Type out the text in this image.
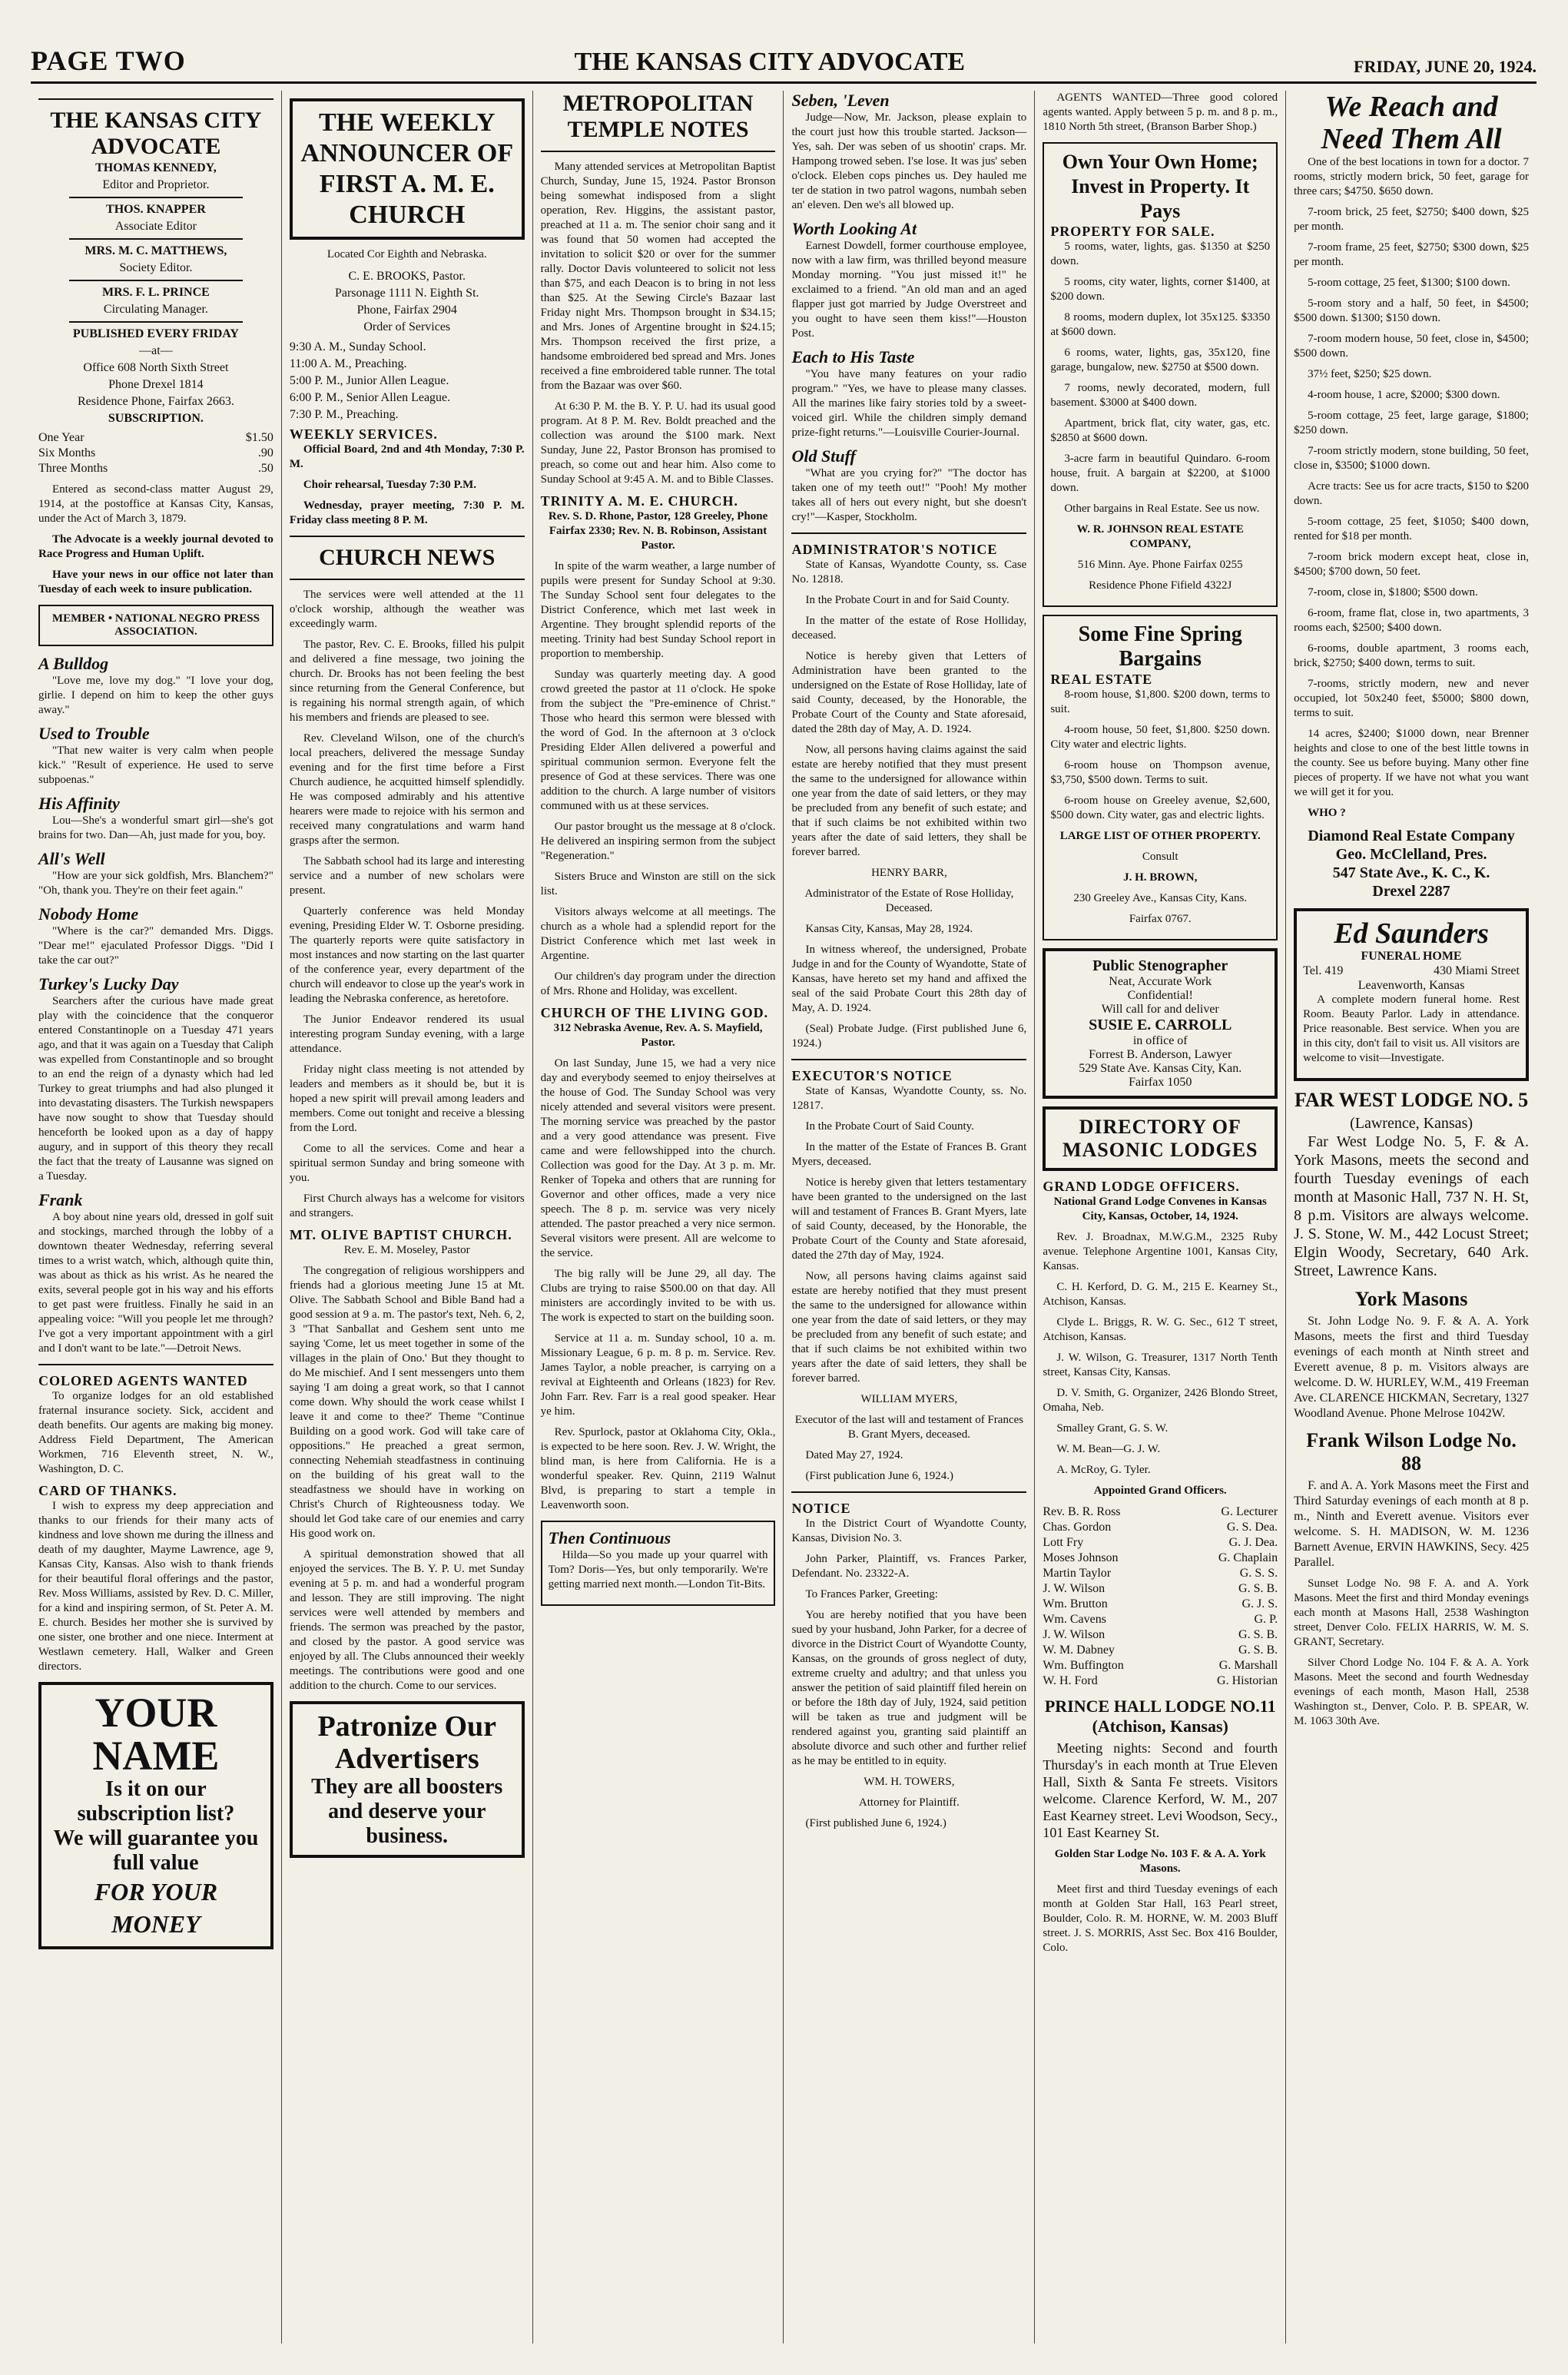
PAGE TWO	THE KANSAS CITY ADVOCATE	FRIDAY, JUNE 20, 1924.
THE KANSAS CITY ADVOCATE
THOMAS KENNEDY,
Editor and Proprietor.
THOS. KNAPPER
Associate Editor
MRS. M. C. MATTHEWS,
Society Editor.
MRS. F. L. PRINCE
Circulating Manager.
PUBLISHED EVERY FRIDAY
—at—
Office 608 North Sixth Street
Phone Drexel 1814
Residence Phone, Fairfax 2663.
SUBSCRIPTION.
One Year	$1.50
Six Months	.90
Three Months	.50

Entered as second-class matter August 29, 1914, at the postoffice at Kansas City, Kansas, under the Act of March 3, 1879.

The Advocate is a weekly journal devoted to Race Progress and Human Uplift.

Have your news in our office not later than Tuesday of each week to insure publication.

MEMBER • NATIONAL NEGRO PRESS ASSOCIATION.
A Bulldog

"Love me, love my dog." "I love your dog, girlie. I depend on him to keep the other guys away."

Used to Trouble

"That new waiter is very calm when people kick." "Result of experience. He used to serve subpoenas."

His Affinity

Lou—She's a wonderful smart girl—she's got brains for two. Dan—Ah, just made for you, boy.

All's Well

"How are your sick goldfish, Mrs. Blanchem?" "Oh, thank you. They're on their feet again."

Nobody Home

"Where is the car?" demanded Mrs. Diggs. "Dear me!" ejaculated Professor Diggs. "Did I take the car out?"

Turkey's Lucky Day

Searchers after the curious have made great play with the coincidence that the conqueror entered Constantinople on a Tuesday 471 years ago, and that it was again on a Tuesday that Caliph was expelled from Constantinople and so brought to an end the reign of a dynasty which had led Turkey to great triumphs and had also plunged it into devastating disasters. The Turkish newspapers have now sought to show that Tuesday should henceforth be looked upon as a day of happy augury, and in support of this theory they recall the fact that the treaty of Lausanne was signed on a Tuesday.

Frank

A boy about nine years old, dressed in golf suit and stockings, marched through the lobby of a downtown theater Wednesday, referring several times to a wrist watch, which, although quite thin, was about as thick as his wrist. As he neared the exits, several people got in his way and his efforts to get past were fruitless. Finally he said in an appealing voice: "Will you people let me through? I've got a very important appointment with a girl and I don't want to be late."—Detroit News.

COLORED AGENTS WANTED

To organize lodges for an old established fraternal insurance society. Sick, accident and death benefits. Our agents are making big money. Address Field Department, The American Workmen, 716 Eleventh street, N. W., Washington, D. C.

CARD OF THANKS.

I wish to express my deep appreciation and thanks to our friends for their many acts of kindness and love shown me during the illness and death of my daughter, Mayme Lawrence, age 9, Kansas City, Kansas. Also wish to thank friends for their beautiful floral offerings and the pastor, Rev. Moss Williams, assisted by Rev. D. C. Miller, for a kind and inspiring sermon, of St. Peter A. M. E. church. Besides her mother she is survived by one sister, one brother and one niece. Interment at Westlawn cemetery. Hall, Walker and Green directors.

YOUR NAME
Is it on our subscription list?
We will guarantee you full value
FOR YOUR MONEY
THE WEEKLY ANNOUNCER OF FIRST A. M. E. CHURCH

Located Cor Eighth and Nebraska.

C. E. BROOKS, Pastor.
Parsonage 1111 N. Eighth St.
Phone, Fairfax 2904
Order of Services
9:30 A. M., Sunday School.
11:00 A. M., Preaching.
5:00 P. M., Junior Allen League.
6:00 P. M., Senior Allen League.
7:30 P. M., Preaching.
WEEKLY SERVICES.

Official Board, 2nd and 4th Monday, 7:30 P. M.

Choir rehearsal, Tuesday 7:30 P.M.

Wednesday, prayer meeting, 7:30 P. M. Friday class meeting 8 P. M.

CHURCH NEWS

The services were well attended at the 11 o'clock worship, although the weather was exceedingly warm.

The pastor, Rev. C. E. Brooks, filled his pulpit and delivered a fine message, two joining the church. Dr. Brooks has not been feeling the best since returning from the General Conference, but is regaining his normal strength again, of which his members and friends are pleased to see.

Rev. Cleveland Wilson, one of the church's local preachers, delivered the message Sunday evening and for the first time before a First Church audience, he acquitted himself splendidly. He was composed admirably and his attentive hearers were made to rejoice with his sermon and received many congratulations and warm hand grasps after the sermon.

The Sabbath school had its large and interesting service and a number of new scholars were present.

Quarterly conference was held Monday evening, Presiding Elder W. T. Osborne presiding. The quarterly reports were quite satisfactory in most instances and now starting on the last quarter of the conference year, every department of the church will endeavor to close up the year's work in leading the Nebraska conference, as heretofore.

The Junior Endeavor rendered its usual interesting program Sunday evening, with a large attendance.

Friday night class meeting is not attended by leaders and members as it should be, but it is hoped a new spirit will prevail among leaders and members. Come out tonight and receive a blessing from the Lord.

Come to all the services. Come and hear a spiritual sermon Sunday and bring someone with you.

First Church always has a welcome for visitors and strangers.

MT. OLIVE BAPTIST CHURCH.

Rev. E. M. Moseley, Pastor

The congregation of religious worshippers and friends had a glorious meeting June 15 at Mt. Olive. The Sabbath School and Bible Band had a good session at 9 a. m. The pastor's text, Neh. 6, 2, 3 "That Sanballat and Geshem sent unto me saying 'Come, let us meet together in some of the villages in the plain of Ono.' But they thought to do Me mischief. And I sent messengers unto them saying 'I am doing a great work, so that I cannot come down. Why should the work cease whilst I leave it and come to thee?' Theme "Continue Building on a good work. God will take care of oppositions." He preached a great sermon, connecting Nehemiah steadfastness in continuing on the building of his great wall to the steadfastness we should have in working on Christ's Church of Righteousness today. We should let God take care of our enemies and carry His good work on.

A spiritual demonstration showed that all enjoyed the services. The B. Y. P. U. met Sunday evening at 5 p. m. and had a wonderful program and lesson. They are still improving. The night services were well attended by members and friends. The sermon was preached by the pastor, and closed by the pastor. A good service was enjoyed by all. The Clubs announced their weekly meetings. The contributions were good and one addition to the church. Come to our services.

Patronize Our
Advertisers
They are all boosters and deserve your business.
METROPOLITAN TEMPLE NOTES

Many attended services at Metropolitan Baptist Church, Sunday, June 15, 1924. Pastor Bronson being somewhat indisposed from a slight operation, Rev. Higgins, the assistant pastor, preached at 11 a. m. The senior choir sang and it was found that 50 women had accepted the invitation to solicit $20 or over for the summer rally. Doctor Davis volunteered to solicit not less than $75, and each Deacon is to bring in not less than $25. At the Sewing Circle's Bazaar last Friday night Mrs. Thompson brought in $34.15; and Mrs. Jones of Argentine brought in $24.15; Mrs. Thompson received the first prize, a handsome embroidered bed spread and Mrs. Jones received a fine embroidered table runner. The total from the Bazaar was over $60.

At 6:30 P. M. the B. Y. P. U. had its usual good program. At 8 P. M. Rev. Boldt preached and the collection was around the $100 mark. Next Sunday, June 22, Pastor Bronson has promised to preach, so come out and hear him. Also come to Sunday School at 9:45 A. M. and to Bible Classes.

TRINITY A. M. E. CHURCH.

Rev. S. D. Rhone, Pastor, 128 Greeley, Phone Fairfax 2330; Rev. N. B. Robinson, Assistant Pastor.

In spite of the warm weather, a large number of pupils were present for Sunday School at 9:30. The Sunday School sent four delegates to the District Conference, which met last week in Argentine. They brought splendid reports of the meeting. Trinity had best Sunday School report in proportion to membership.

Sunday was quarterly meeting day. A good crowd greeted the pastor at 11 o'clock. He spoke from the subject the "Pre-eminence of Christ." Those who heard this sermon were blessed with the word of God. In the afternoon at 3 o'clock Presiding Elder Allen delivered a powerful and spiritual communion sermon. Everyone felt the presence of God at these services. There was one addition to the church. A large number of visitors communed with us at these services.

Our pastor brought us the message at 8 o'clock. He delivered an inspiring sermon from the subject "Regeneration."

Sisters Bruce and Winston are still on the sick list.

Visitors always welcome at all meetings. The church as a whole had a splendid report for the District Conference which met last week in Argentine.

Our children's day program under the direction of Mrs. Rhone and Holiday, was excellent.

CHURCH OF THE LIVING GOD.

312 Nebraska Avenue, Rev. A. S. Mayfield, Pastor.

On last Sunday, June 15, we had a very nice day and everybody seemed to enjoy theirselves at the house of God. The Sunday School was very nicely attended and several visitors were present. The morning service was preached by the pastor and a very good attendance was present. Five came and were fellowshipped into the church. Collection was good for the Day. At 3 p. m. Mr. Renker of Topeka and others that are running for Governor and other offices, made a very nice speech. The 8 p. m. service was very nicely attended. The pastor preached a very nice sermon. Several visitors were present. All are welcome to the service.

The big rally will be June 29, all day. The Clubs are trying to raise $500.00 on that day. All ministers are accordingly invited to be with us. The work is expected to start on the building soon.

Service at 11 a. m. Sunday school, 10 a. m. Missionary League, 6 p. m. 8 p. m. Service. Rev. James Taylor, a noble preacher, is carrying on a revival at Eighteenth and Orleans (1823) for Rev. John Farr. Rev. Farr is a real good speaker. Hear ye him.

Rev. Spurlock, pastor at Oklahoma City, Okla., is expected to be here soon. Rev. J. W. Wright, the blind man, is here from California. He is a wonderful speaker. Rev. Quinn, 2119 Walnut Blvd, is preparing to start a temple in Leavenworth soon.

Then Continuous

Hilda—So you made up your quarrel with Tom? Doris—Yes, but only temporarily. We're getting married next month.—London Tit-Bits.

Seben, 'Leven

Judge—Now, Mr. Jackson, please explain to the court just how this trouble started. Jackson—Yes, sah. Der was seben of us shootin' craps. Mr. Hampong trowed seben. I'se lose. It was jus' seben o'clock. Eleben cops pinches us. Dey hauled me ter de station in two patrol wagons, numbah seben an' eleven. Den we's all blowed up.

Worth Looking At

Earnest Dowdell, former courthouse employee, now with a law firm, was thrilled beyond measure Monday morning. "You just missed it!" he exclaimed to a friend. "An old man and an aged flapper just got married by Judge Overstreet and you ought to have seen them kiss!"—Houston Post.

Each to His Taste

"You have many features on your radio program." "Yes, we have to please many classes. All the marines like fairy stories told by a sweet-voiced girl. While the children simply demand prize-fight returns."—Louisville Courier-Journal.

Old Stuff

"What are you crying for?" "The doctor has taken one of my teeth out!" "Pooh! My mother takes all of hers out every night, but she doesn't cry!"—Kasper, Stockholm.

ADMINISTRATOR'S NOTICE

State of Kansas, Wyandotte County, ss. Case No. 12818.

In the Probate Court in and for Said County.

In the matter of the estate of Rose Holliday, deceased.

Notice is hereby given that Letters of Administration have been granted to the undersigned on the Estate of Rose Holliday, late of said County, deceased, by the Honorable, the Probate Court of the County and State aforesaid, dated the 28th day of May, A. D. 1924.

Now, all persons having claims against the said estate are hereby notified that they must present the same to the undersigned for allowance within one year from the date of said letters, or they may be precluded from any benefit of such estate; and that if such claims be not exhibited within two years after the date of said letters, they shall be forever barred.

HENRY BARR,

Administrator of the Estate of Rose Holliday, Deceased.

Kansas City, Kansas, May 28, 1924.

In witness whereof, the undersigned, Probate Judge in and for the County of Wyandotte, State of Kansas, have hereto set my hand and affixed the seal of the said Probate Court this 28th day of May, A. D. 1924.

(Seal) Probate Judge. (First published June 6, 1924.)

EXECUTOR'S NOTICE

State of Kansas, Wyandotte County, ss. No. 12817.

In the Probate Court of Said County.

In the matter of the Estate of Frances B. Grant Myers, deceased.

Notice is hereby given that letters testamentary have been granted to the undersigned on the last will and testament of Frances B. Grant Myers, late of said County, deceased, by the Honorable, the Probate Court of the County and State aforesaid, dated the 27th day of May, 1924.

Now, all persons having claims against said estate are hereby notified that they must present the same to the undersigned for allowance within one year from the date of said letters, or they may be precluded from any benefit of such estate; and that if such claims be not exhibited within two years after the date of said letters, they shall be forever barred.

WILLIAM MYERS,

Executor of the last will and testament of Frances B. Grant Myers, deceased.

Dated May 27, 1924.

(First publication June 6, 1924.)

NOTICE

In the District Court of Wyandotte County, Kansas, Division No. 3.

John Parker, Plaintiff, vs. Frances Parker, Defendant. No. 23322-A.

To Frances Parker, Greeting:

You are hereby notified that you have been sued by your husband, John Parker, for a decree of divorce in the District Court of Wyandotte County, Kansas, on the grounds of gross neglect of duty, extreme cruelty and adultry; and that unless you answer the petition of said plaintiff filed herein on or before the 18th day of July, 1924, said petition will be taken as true and judgment will be rendered against you, granting said plaintiff an absolute divorce and such other and further relief as he may be entitled to in equity.

WM. H. TOWERS,

Attorney for Plaintiff.

(First published June 6, 1924.)

AGENTS WANTED—Three good colored agents wanted. Apply between 5 p. m. and 8 p. m., 1810 North 5th street, (Branson Barber Shop.)

Own Your Own Home; Invest in Property. It Pays
PROPERTY FOR SALE.

5 rooms, water, lights, gas. $1350 at $250 down.

5 rooms, city water, lights, corner $1400, at $200 down.

8 rooms, modern duplex, lot 35x125. $3350 at $600 down.

6 rooms, water, lights, gas, 35x120, fine garage, bungalow, new. $2750 at $500 down.

7 rooms, newly decorated, modern, full basement. $3000 at $400 down.

Apartment, brick flat, city water, gas, etc. $2850 at $600 down.

3-acre farm in beautiful Quindaro. 6-room house, fruit. A bargain at $2200, at $1000 down.

Other bargains in Real Estate. See us now.

W. R. JOHNSON REAL ESTATE COMPANY,

516 Minn. Aye. Phone Fairfax 0255

Residence Phone Fifield 4322J

Some Fine Spring Bargains
REAL ESTATE

8-room house, $1,800. $200 down, terms to suit.

4-room house, 50 feet, $1,800. $250 down. City water and electric lights.

6-room house on Thompson avenue, $3,750, $500 down. Terms to suit.

6-room house on Greeley avenue, $2,600, $500 down. City water, gas and electric lights.

LARGE LIST OF OTHER PROPERTY.

Consult

J. H. BROWN,

230 Greeley Ave., Kansas City, Kans.

Fairfax 0767.

Public Stenographer
Neat, Accurate Work
Confidential!
Will call for and deliver
SUSIE E. CARROLL
in office of
Forrest B. Anderson, Lawyer
529 State Ave. Kansas City, Kan.
Fairfax 1050
DIRECTORY OF MASONIC LODGES
GRAND LODGE OFFICERS.

National Grand Lodge Convenes in Kansas City, Kansas, October, 14, 1924.

Rev. J. Broadnax, M.W.G.M., 2325 Ruby avenue. Telephone Argentine 1001, Kansas City, Kansas.

C. H. Kerford, D. G. M., 215 E. Kearney St., Atchison, Kansas.

Clyde L. Briggs, R. W. G. Sec., 612 T street, Atchison, Kansas.

J. W. Wilson, G. Treasurer, 1317 North Tenth street, Kansas City, Kansas.

D. V. Smith, G. Organizer, 2426 Blondo Street, Omaha, Neb.

Smalley Grant, G. S. W.

W. M. Bean—G. J. W.

A. McRoy, G. Tyler.

Appointed Grand Officers.

Rev. B. R. Ross	G. Lecturer
Chas. Gordon	G. S. Dea.
Lott Fry	G. J. Dea.
Moses Johnson	G. Chaplain
Martin Taylor	G. S. S.
J. W. Wilson	G. S. B.
Wm. Brutton	G. J. S.
Wm. Cavens	G. P.
J. W. Wilson	G. S. B.
W. M. Dabney	G. S. B.
Wm. Buffington	G. Marshall
W. H. Ford	G. Historian
PRINCE HALL LODGE NO.11 (Atchison, Kansas)

Meeting nights: Second and fourth Thursday's in each month at True Eleven Hall, Sixth & Santa Fe streets. Visitors welcome. Clarence Kerford, W. M., 207 East Kearney street. Levi Woodson, Secy., 101 East Kearney St.

Golden Star Lodge No. 103 F. & A. A. York Masons.

Meet first and third Tuesday evenings of each month at Golden Star Hall, 163 Pearl street, Boulder, Colo. R. M. HORNE, W. M. 2003 Bluff street. J. S. MORRIS, Asst Sec. Box 416 Boulder, Colo.

We Reach and Need Them All

One of the best locations in town for a doctor. 7 rooms, strictly modern brick, 50 feet, garage for three cars; $4750. $650 down.

7-room brick, 25 feet, $2750; $400 down, $25 per month.

7-room frame, 25 feet, $2750; $300 down, $25 per month.

5-room cottage, 25 feet, $1300; $100 down.

5-room story and a half, 50 feet, in $4500; $500 down. $1300; $150 down.

7-room modern house, 50 feet, close in, $4500; $500 down.

37½ feet, $250; $25 down.

4-room house, 1 acre, $2000; $300 down.

5-room cottage, 25 feet, large garage, $1800; $250 down.

7-room strictly modern, stone building, 50 feet, close in, $3500; $1000 down.

Acre tracts: See us for acre tracts, $150 to $200 down.

5-room cottage, 25 feet, $1050; $400 down, rented for $18 per month.

7-room brick modern except heat, close in, $4500; $700 down, 50 feet.

7-room, close in, $1800; $500 down.

6-room, frame flat, close in, two apartments, 3 rooms each, $2500; $400 down.

6-rooms, double apartment, 3 rooms each, brick, $2750; $400 down, terms to suit.

7-rooms, strictly modern, new and never occupied, lot 50x240 feet, $5000; $800 down, terms to suit.

14 acres, $2400; $1000 down, near Brenner heights and close to one of the best little towns in the county. See us before buying. Many other fine pieces of property. If we have not what you want we will get it for you.

WHO ?

Diamond Real Estate Company
Geo. McClelland, Pres.
547 State Ave., K. C., K.
Drexel 2287
Ed Saunders
FUNERAL HOME
Tel. 419	430 Miami Street
Leavenworth, Kansas

A complete modern funeral home. Rest Room. Beauty Parlor. Lady in attendance. Price reasonable. Best service. When you are in this city, don't fail to visit us. All visitors are welcome to visit—Investigate.

FAR WEST LODGE NO. 5
(Lawrence, Kansas)

Far West Lodge No. 5, F. & A. York Masons, meets the second and fourth Tuesday evenings of each month at Masonic Hall, 737 N. H. St, 8 p.m. Visitors are always welcome. J. S. Stone, W. M., 442 Locust Street; Elgin Woody, Secretary, 640 Ark. Street, Lawrence Kans.

York Masons

St. John Lodge No. 9. F. & A. A. York Masons, meets the first and third Tuesday evenings of each month at Ninth street and Everett avenue, 8 p. m. Visitors always are welcome. D. W. HURLEY, W.M., 419 Freeman Ave. CLARENCE HICKMAN, Secretary, 1327 Woodland Avenue. Phone Melrose 1042W.

Frank Wilson Lodge No. 88

F. and A. A. York Masons meet the First and Third Saturday evenings of each month at 8 p. m., Ninth and Everett avenue. Visitors ever welcome. S. H. MADISON, W. M. 1236 Barnett Avenue, ERVIN HAWKINS, Secy. 425 Parallel.

Sunset Lodge No. 98 F. A. and A. York Masons. Meet the first and third Monday evenings each month at Masons Hall, 2538 Washington street, Denver Colo. FELIX HARRIS, W. M. S. GRANT, Secretary.

Silver Chord Lodge No. 104 F. & A. A. York Masons. Meet the second and fourth Wednesday evenings of each month, Mason Hall, 2538 Washington st., Denver, Colo. P. B. SPEAR, W. M. 1063 30th Ave.
